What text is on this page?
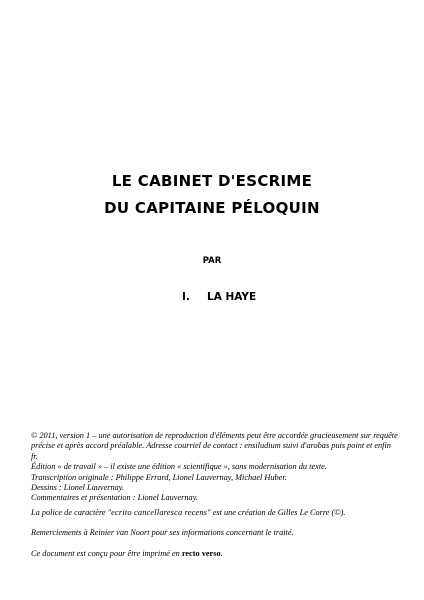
LE CABINET D'ESCRIME
DU CAPITAINE PÉLOQUIN
PAR
I. LA HAYE

© 2011, version 1 – une autorisation de reproduction d'éléments peut être accordée gracieusement sur requête précise et après accord préalable. Adresse courriel de contact : ensiludium suivi d'arobas puis point et enfin fr.

Édition « de travail » – il existe une édition « scientifique », sans modernisation du texte.

Transcription originale : Philippe Errard, Lionel Lauvernay, Michael Huber.

Dessins : Lionel Lauvernay.

Commentaires et présentation : Lionel Lauvernay.

La police de caractère "ecrito cancellaresca recens" est une création de Gilles Le Corre (©).

Remerciements à Reinier van Noort pour ses informations concernant le traité.

Ce document est conçu pour être imprimé en recto verso.
